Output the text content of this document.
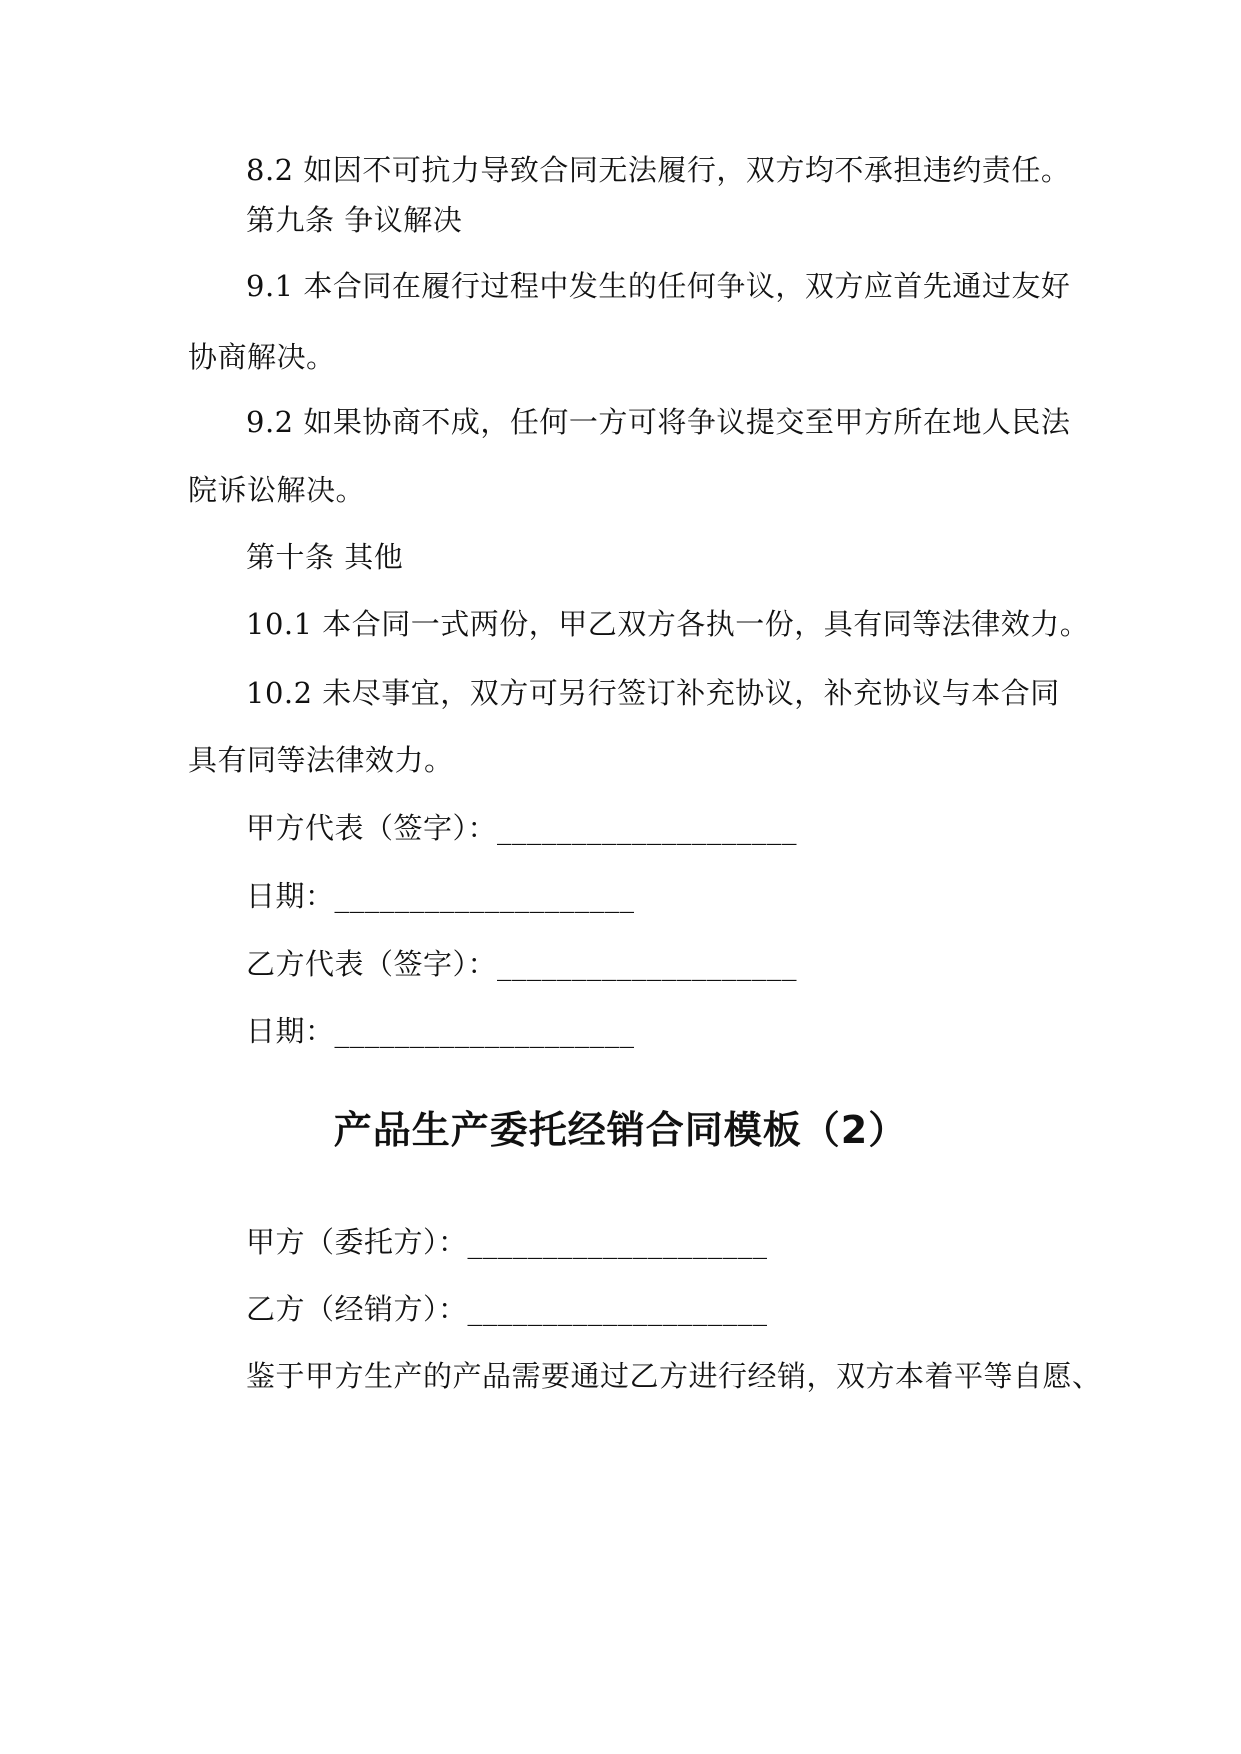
8.2 如因不可抗力导致合同无法履行，双方均不承担违约责任。
第九条 争议解决
9.1 本合同在履行过程中发生的任何争议，双方应首先通过友好
协商解决。
9.2 如果协商不成，任何一方可将争议提交至甲方所在地人民法
院诉讼解决。
第十条 其他
10.1 本合同一式两份，甲乙双方各执一份，具有同等法律效力。
10.2 未尽事宜，双方可另行签订补充协议，补充协议与本合同
具有同等法律效力。
甲方代表（签字）：____________________
日期：____________________
乙方代表（签字）：____________________
日期：____________________
产品生产委托经销合同模板（2）
甲方（委托方）：____________________
乙方（经销方）：____________________
鉴于甲方生产的产品需要通过乙方进行经销，双方本着平等自愿、
